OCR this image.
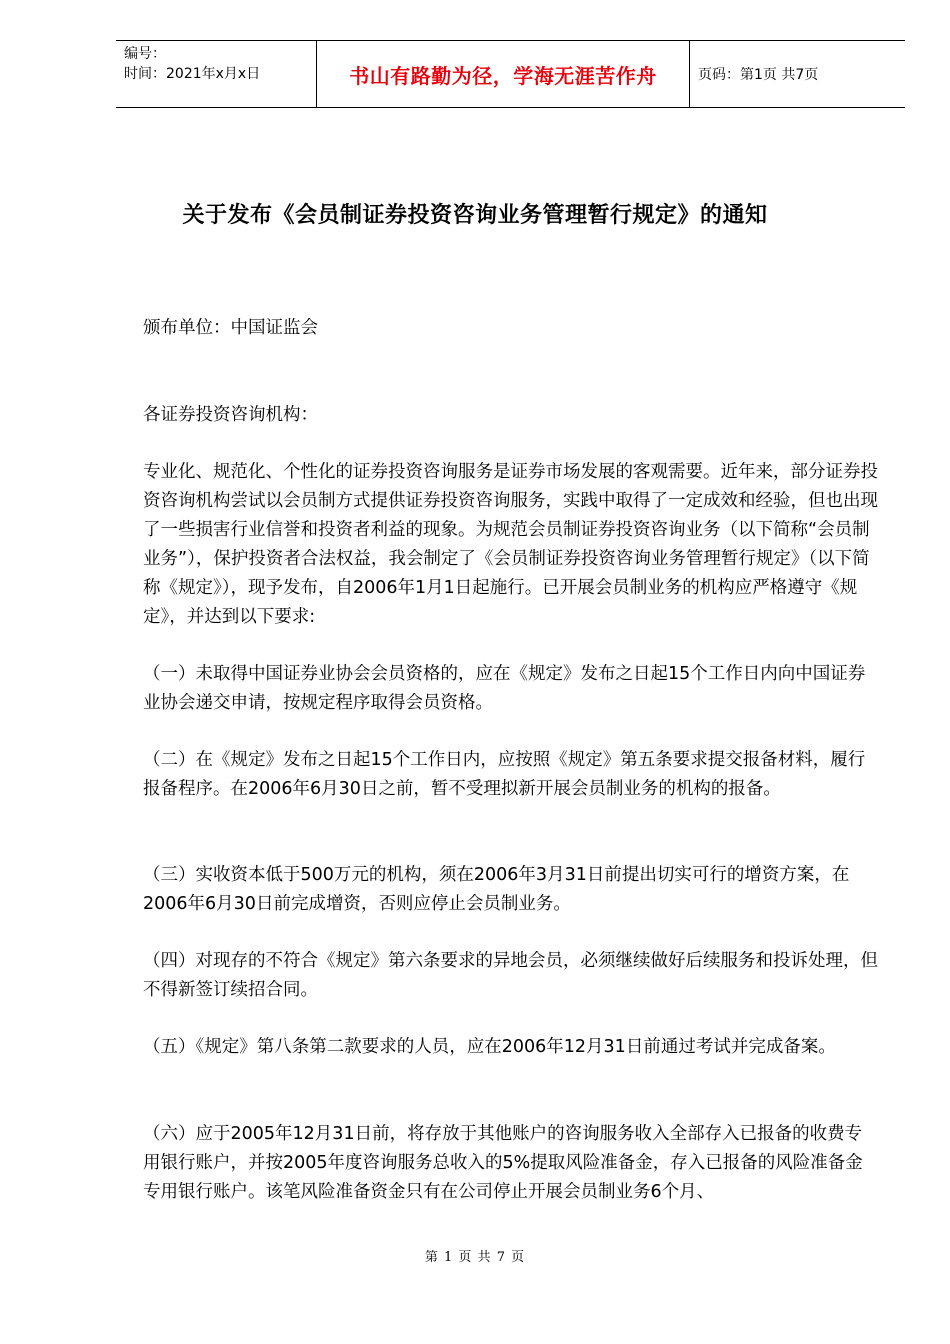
编号：
时间：2021年x月x日	书山有路勤为径，学海无涯苦作舟	页码：第1页 共7页
关于发布《会员制证券投资咨询业务管理暂行规定》的通知
颁布单位：中国证监会
各证券投资咨询机构：
专业化、规范化、个性化的证券投资咨询服务是证券市场发展的客观需要。近年来，部分证券投资咨询机构尝试以会员制方式提供证券投资咨询服务，实践中取得了一定成效和经验，但也出现了一些损害行业信誉和投资者利益的现象。为规范会员制证券投资咨询业务（以下简称“会员制业务”），保护投资者合法权益，我会制定了《会员制证券投资咨询业务管理暂行规定》（以下简称《规定》），现予发布，自2006年1月1日起施行。已开展会员制业务的机构应严格遵守《规定》，并达到以下要求:
（一）未取得中国证券业协会会员资格的，应在《规定》发布之日起15个工作日内向中国证券业协会递交申请，按规定程序取得会员资格。
（二）在《规定》发布之日起15个工作日内，应按照《规定》第五条要求提交报备材料，履行报备程序。在2006年6月30日之前，暂不受理拟新开展会员制业务的机构的报备。
（三）实收资本低于500万元的机构，须在2006年3月31日前提出切实可行的增资方案，在2006年6月30日前完成增资，否则应停止会员制业务。
（四）对现存的不符合《规定》第六条要求的异地会员，必须继续做好后续服务和投诉处理，但不得新签订续招合同。
（五）《规定》第八条第二款要求的人员，应在2006年12月31日前通过考试并完成备案。
（六）应于2005年12月31日前，将存放于其他账户的咨询服务收入全部存入已报备的收费专用银行账户，并按2005年度咨询服务总收入的5%提取风险准备金，存入已报备的风险准备金专用银行账户。该笔风险准备资金只有在公司停止开展会员制业务6个月、
第 1 页 共 7 页
